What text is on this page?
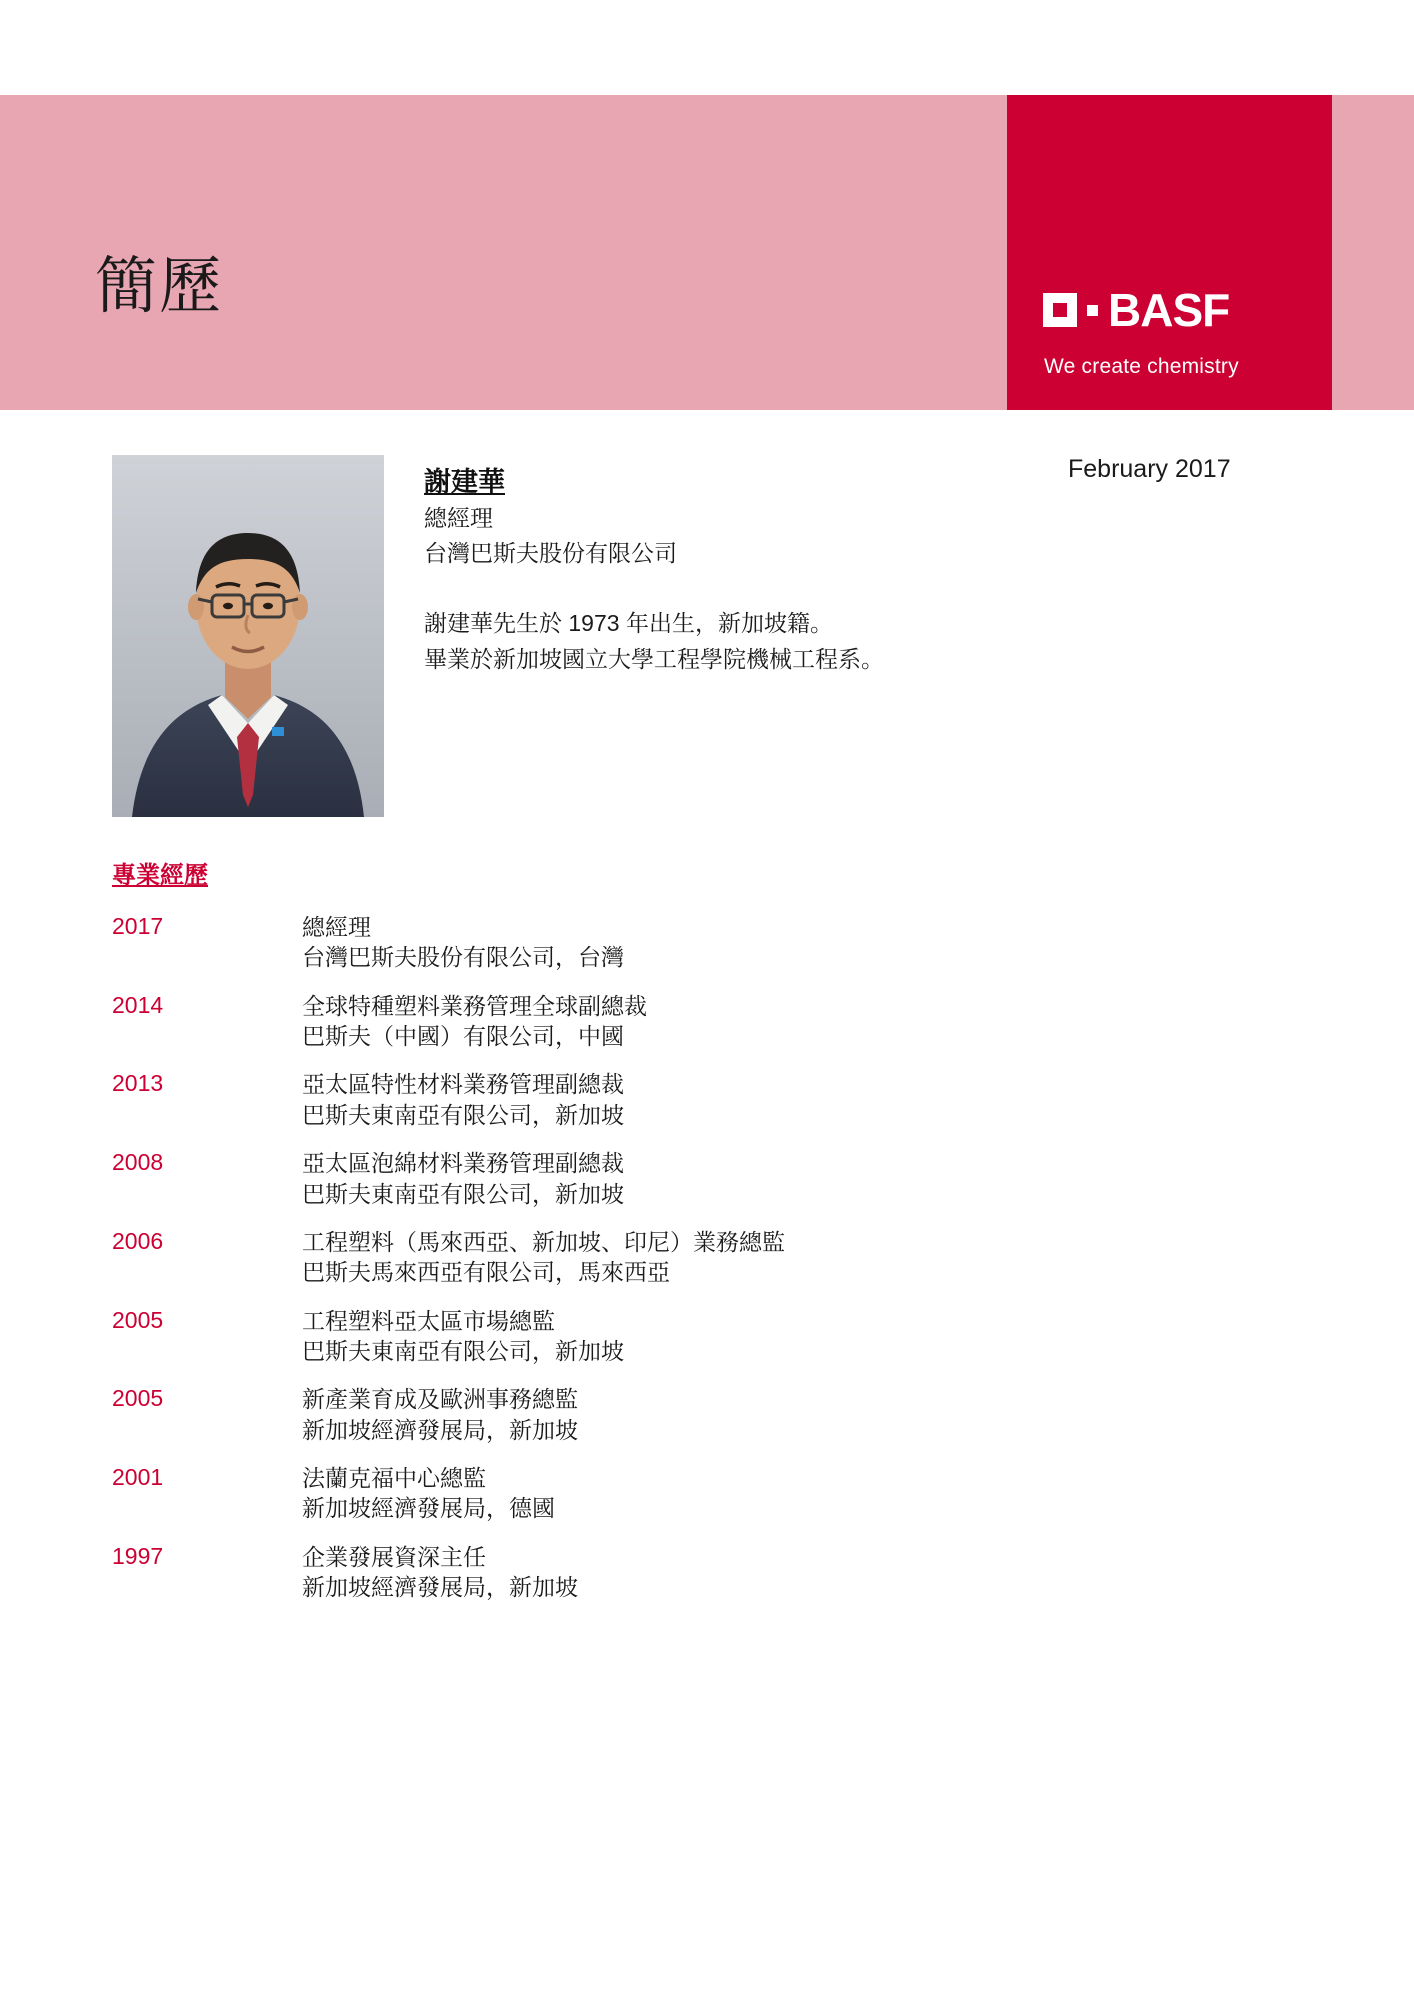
簡歷	BASF
We create chemistry
謝建華
總經理
台灣巴斯夫股份有限公司
謝建華先生於 1973 年出生，新加坡籍。
畢業於新加坡國立大學工程學院機械工程系。
February 2017
專業經歷
2017	總經理
台灣巴斯夫股份有限公司，台灣
2014	全球特種塑料業務管理全球副總裁
巴斯夫（中國）有限公司，中國
2013	亞太區特性材料業務管理副總裁
巴斯夫東南亞有限公司，新加坡
2008	亞太區泡綿材料業務管理副總裁
巴斯夫東南亞有限公司，新加坡
2006	工程塑料（馬來西亞、新加坡、印尼）業務總監
巴斯夫馬來西亞有限公司，馬來西亞
2005	工程塑料亞太區市場總監
巴斯夫東南亞有限公司，新加坡
2005	新產業育成及歐洲事務總監
新加坡經濟發展局，新加坡
2001	法蘭克福中心總監
新加坡經濟發展局，德國
1997	企業發展資深主任
新加坡經濟發展局，新加坡
